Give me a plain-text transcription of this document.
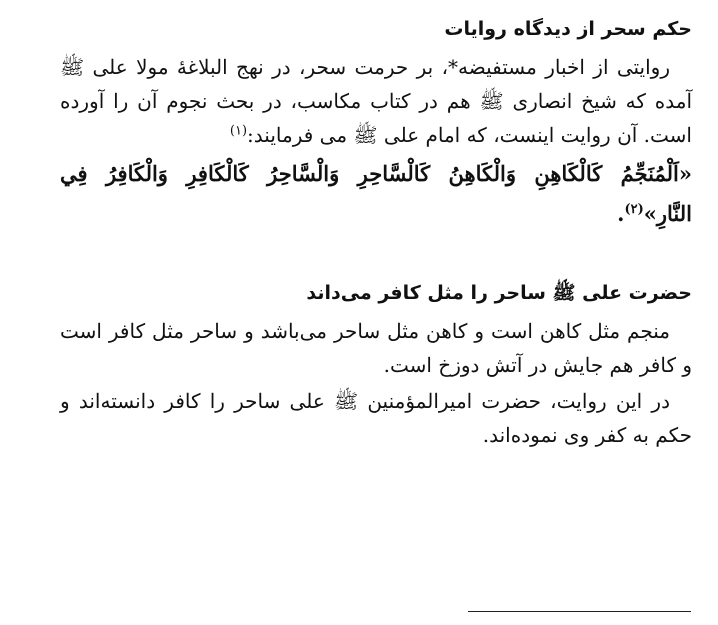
حکم سحر از دیدگاه روایات

روایتی از اخبار مستفیضه*، بر حرمت سحر، در نهج البلاغهٔ مولا علی ﷺ آمده که شیخ انصاری ﷺ هم در کتاب مکاسب، در بحث نجوم آن را آورده است. آن روایت اینست، که امام علی ﷺ می فرمایند:$^{(۱)}$

«اَلْمُنَجِّمُ كَالْكَاهِنِ وَالْكَاهِنُ كَالْسَّاحِرِ وَالْسَّاحِرُ كَالْكَافِرِ وَالْكَافِرُ فِي النَّارِ»$^{(۲)}$.

حضرت علی ﷺ ساحر را مثل کافر می‌داند

منجم مثل کاهن است و کاهن مثل ساحر می‌باشد و ساحر مثل کافر است و کافر هم جایش در آتش دوزخ است.

در این روایت، حضرت امیرالمؤمنین ﷺ علی ساحر را کافر دانسته‌اند و حکم به کفر وی نموده‌اند.
